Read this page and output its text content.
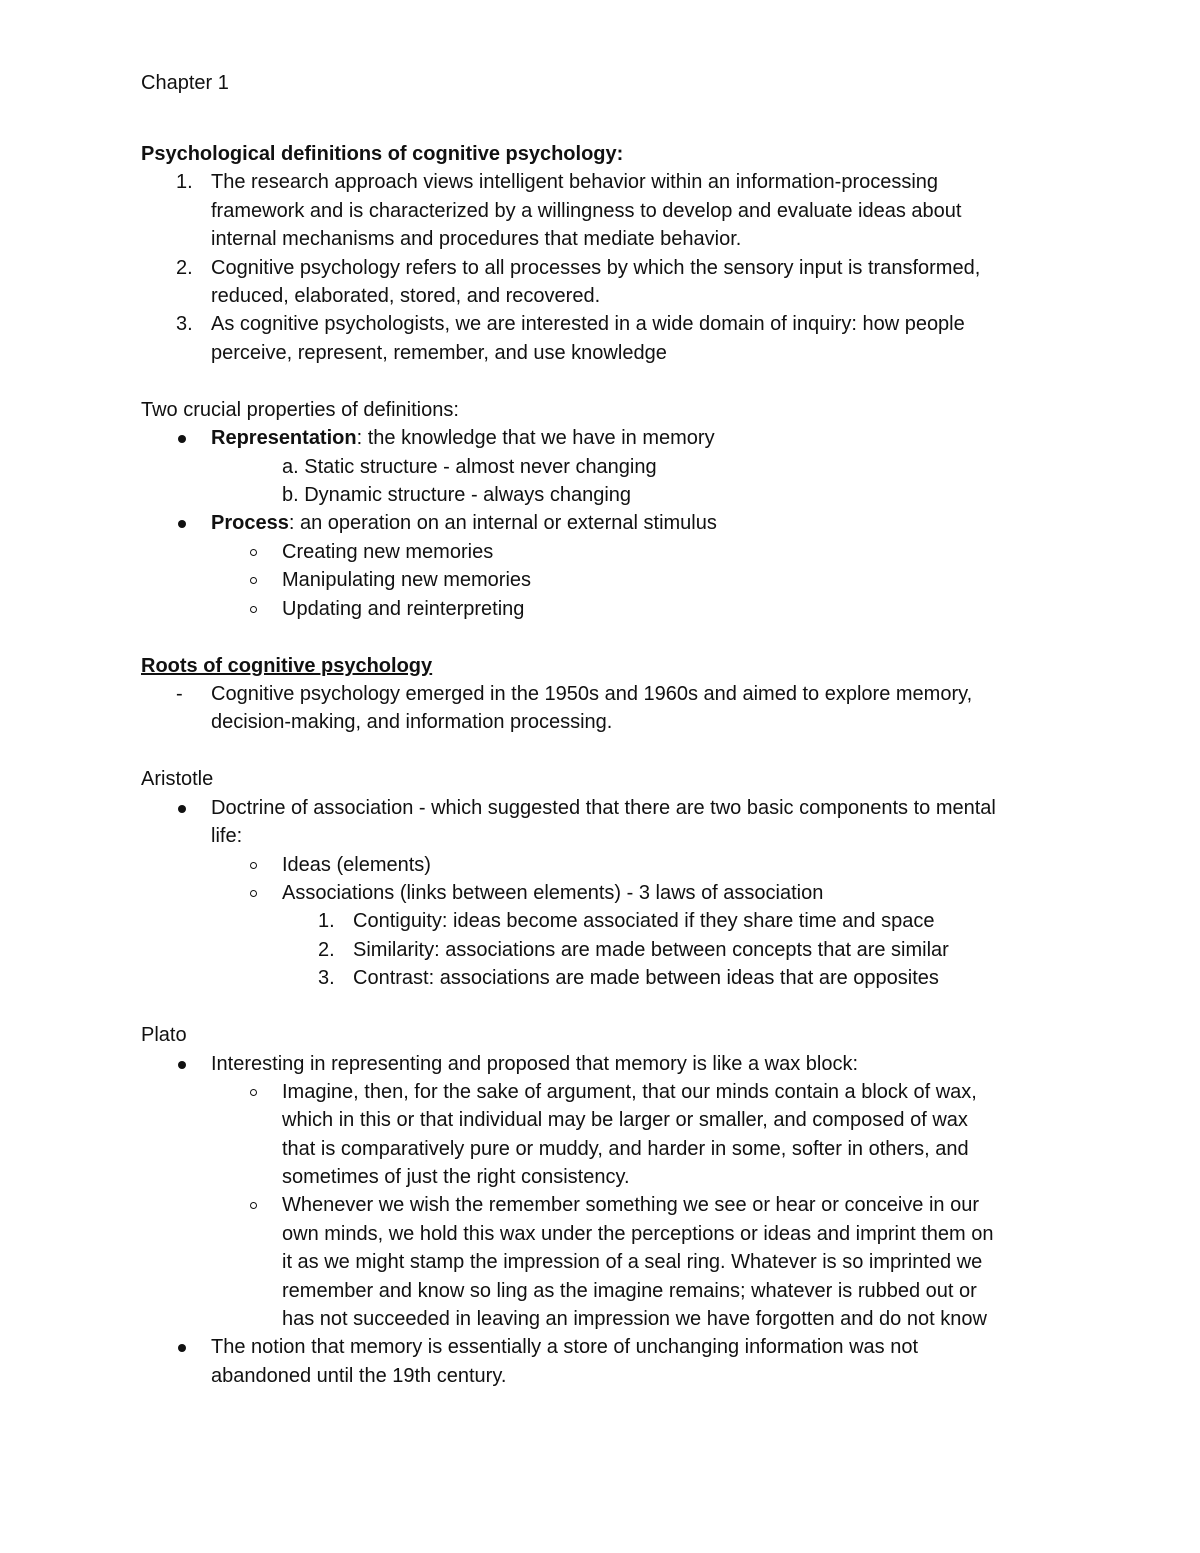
Chapter 1
Psychological definitions of cognitive psychology:
1. The research approach views intelligent behavior within an information-processing
framework and is characterized by a willingness to develop and evaluate ideas about
internal mechanisms and procedures that mediate behavior.
2. Cognitive psychology refers to all processes by which the sensory input is transformed,
reduced, elaborated, stored, and recovered.
3. As cognitive psychologists, we are interested in a wide domain of inquiry: how people
perceive, represent, remember, and use knowledge
Two crucial properties of definitions:
Representation: the knowledge that we have in memory
a. Static structure - almost never changing
b. Dynamic structure - always changing
Process: an operation on an internal or external stimulus
Creating new memories
Manipulating new memories
Updating and reinterpreting
Roots of cognitive psychology
- Cognitive psychology emerged in the 1950s and 1960s and aimed to explore memory,
decision-making, and information processing.
Aristotle
Doctrine of association - which suggested that there are two basic components to mental
life:
Ideas (elements)
Associations (links between elements) - 3 laws of association
1. Contiguity: ideas become associated if they share time and space
2. Similarity: associations are made between concepts that are similar
3. Contrast: associations are made between ideas that are opposites
Plato
Interesting in representing and proposed that memory is like a wax block:
Imagine, then, for the sake of argument, that our minds contain a block of wax,
which in this or that individual may be larger or smaller, and composed of wax
that is comparatively pure or muddy, and harder in some, softer in others, and
sometimes of just the right consistency.
Whenever we wish the remember something we see or hear or conceive in our
own minds, we hold this wax under the perceptions or ideas and imprint them on
it as we might stamp the impression of a seal ring. Whatever is so imprinted we
remember and know so ling as the imagine remains; whatever is rubbed out or
has not succeeded in leaving an impression we have forgotten and do not know
The notion that memory is essentially a store of unchanging information was not
abandoned until the 19th century.
